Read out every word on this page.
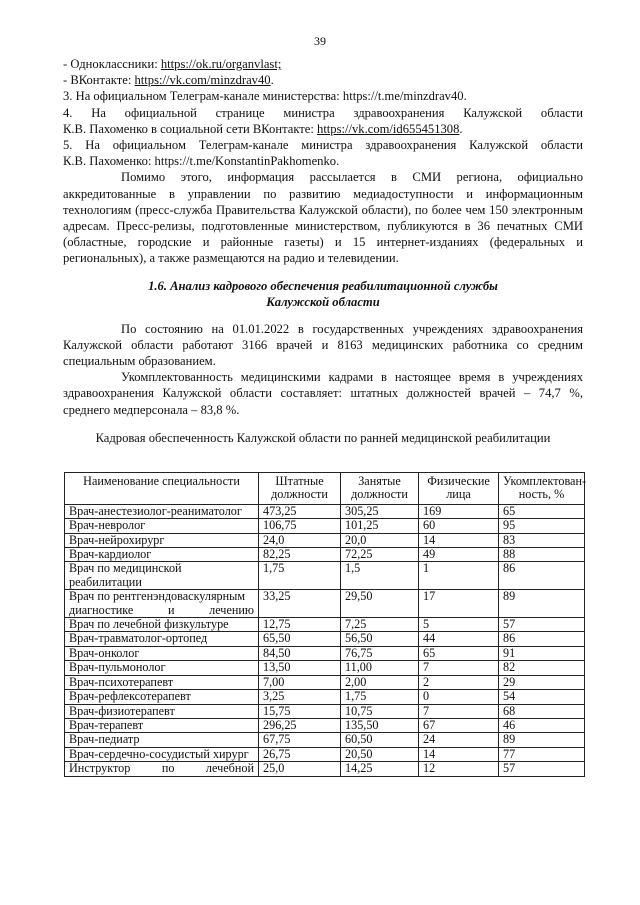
39
- Одноклассники: https://ok.ru/organvlast;
- ВКонтакте: https://vk.com/minzdrav40.
3. На официальном Телеграм-канале министерства: https://t.me/minzdrav40.
4. На официальной странице министра здравоохранения Калужской области
К.В. Пахоменко в социальной сети ВКонтакте: https://vk.com/id655451308.
5. На официальном Телеграм-канале министра здравоохранения Калужской области
К.В. Пахоменко: https://t.me/KonstantinPakhomenko.
Помимо этого, информация рассылается в СМИ региона, официально аккредитованные в управлении по развитию медиадоступности и информационным технологиям (пресс-служба Правительства Калужской области), по более чем 150 электронным адресам. Пресс-релизы, подготовленные министерством, публикуются в 36 печатных СМИ (областные, городские и районные газеты) и 15 интернет-изданиях (федеральных и региональных), а также размещаются на радио и телевидении.
1.6. Анализ кадрового обеспечения реабилитационной службы
Калужской области
По состоянию на 01.01.2022 в государственных учреждениях здравоохранения Калужской области работают 3166 врачей и 8163 медицинских работника со средним специальным образованием.
Укомплектованность медицинскими кадрами в настоящее время в учреждениях здравоохранения Калужской области составляет: штатных должностей врачей – 74,7 %, среднего медперсонала – 83,8 %.
Кадровая обеспеченность Калужской области по ранней медицинской реабилитации
Наименование специальности	Штатные должности	Занятые должности	Физические лица	Укомплектован-ность, %
Врач-анестезиолог-реаниматолог	473,25	305,25	169	65
Врач-невролог	106,75	101,25	60	95
Врач-нейрохирург	24,0	20,0	14	83
Врач-кардиолог	82,25	72,25	49	88
Врач по медицинской реабилитации	1,75	1,5	1	86
Врач по рентгенэндоваскулярным диагностике и лечению	33,25	29,50	17	89
Врач по лечебной физкультуре	12,75	7,25	5	57
Врач-травматолог-ортопед	65,50	56,50	44	86
Врач-онколог	84,50	76,75	65	91
Врач-пульмонолог	13,50	11,00	7	82
Врач-психотерапевт	7,00	2,00	2	29
Врач-рефлексотерапевт	3,25	1,75	0	54
Врач-физиотерапевт	15,75	10,75	7	68
Врач-терапевт	296,25	135,50	67	46
Врач-педиатр	67,75	60,50	24	89
Врач-сердечно-сосудистый хирург	26,75	20,50	14	77
Инструктор по лечебной	25,0	14,25	12	57
